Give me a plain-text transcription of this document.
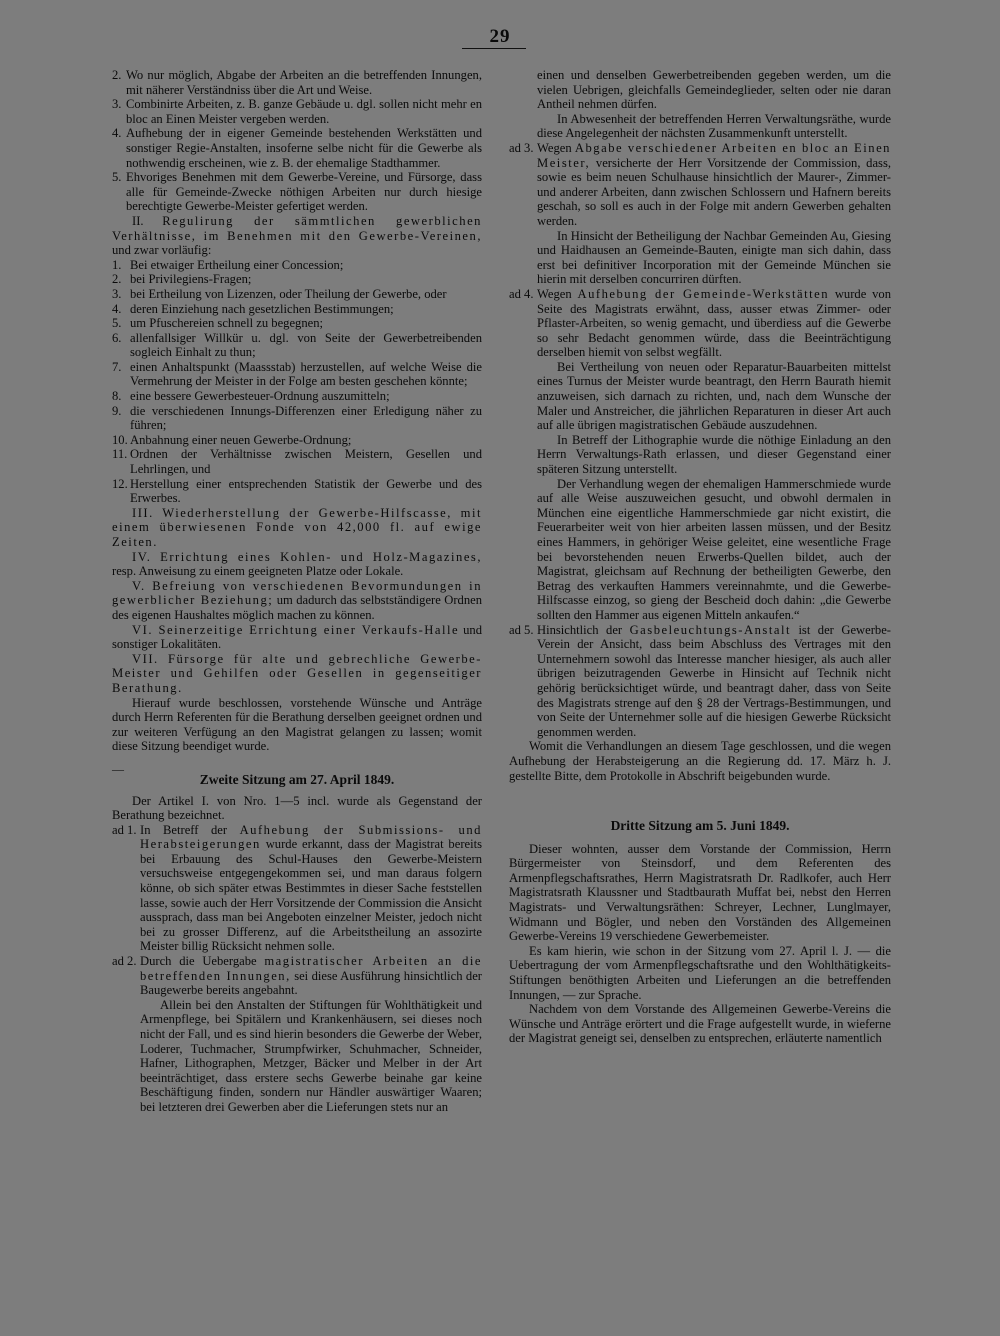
29
2. Wo nur möglich, Abgabe der Arbeiten an die betreffenden Innungen, mit näherer Verständniss über die Art und Weise.
3. Combinirte Arbeiten, z. B. ganze Gebäude u. dgl. sollen nicht mehr en bloc an Einen Meister vergeben werden.
4. Aufhebung der in eigener Gemeinde bestehenden Werkstätten und sonstiger Regie-Anstalten, insoferne selbe nicht für die Gewerbe als nothwendig erscheinen, wie z. B. der ehemalige Stadthammer.
5. Ehvoriges Benehmen mit dem Gewerbe-Vereine, und Fürsorge, dass alle für Gemeinde-Zwecke nöthigen Arbeiten nur durch hiesige berechtigte Gewerbe-Meister gefertiget werden.

II. Regulirung der sämmtlichen gewerblichen Verhältnisse, im Benehmen mit den Gewerbe-Vereinen, und zwar vorläufig:

1. Bei etwaiger Ertheilung einer Concession;
2. bei Privilegiens-Fragen;
3. bei Ertheilung von Lizenzen, oder Theilung der Gewerbe, oder
4. deren Einziehung nach gesetzlichen Bestimmungen;
5. um Pfuschereien schnell zu begegnen;
6. allenfallsiger Willkür u. dgl. von Seite der Gewerbetreibenden sogleich Einhalt zu thun;
7. einen Anhaltspunkt (Maassstab) herzustellen, auf welche Weise die Vermehrung der Meister in der Folge am besten geschehen könnte;
8. eine bessere Gewerbesteuer-Ordnung auszumitteln;
9. die verschiedenen Innungs-Differenzen einer Erledigung näher zu führen;
10. Anbahnung einer neuen Gewerbe-Ordnung;
11. Ordnen der Verhältnisse zwischen Meistern, Gesellen und Lehrlingen, und
12. Herstellung einer entsprechenden Statistik der Gewerbe und des Erwerbes.

III. Wiederherstellung der Gewerbe-Hilfscasse, mit einem überwiesenen Fonde von 42,000 fl. auf ewige Zeiten.

IV. Errichtung eines Kohlen- und Holz-Magazines, resp. Anweisung zu einem geeigneten Platze oder Lokale.

V. Befreiung von verschiedenen Bevormundungen in gewerblicher Beziehung; um dadurch das selbstständigere Ordnen des eigenen Haushaltes möglich machen zu können.

VI. Seinerzeitige Errichtung einer Verkaufs-Halle und sonstiger Lokalitäten.

VII. Fürsorge für alte und gebrechliche Gewerbe-Meister und Gehilfen oder Gesellen in gegenseitiger Berathung.

Hierauf wurde beschlossen, vorstehende Wünsche und Anträge durch Herrn Referenten für die Berathung derselben geeignet ordnen und zur weiteren Verfügung an den Magistrat gelangen zu lassen; womit diese Sitzung beendiget wurde.

—

Zweite Sitzung am 27. April 1849.

Der Artikel I. von Nro. 1—5 incl. wurde als Gegenstand der Berathung bezeichnet.

ad 1. In Betreff der Aufhebung der Submissions- und Herabsteigerungen wurde erkannt, dass der Magistrat bereits bei Erbauung des Schul-Hauses den Gewerbe-Meistern versuchsweise entgegengekommen sei, und man daraus folgern könne, ob sich später etwas Bestimmtes in dieser Sache feststellen lasse, sowie auch der Herr Vorsitzende der Commission die Ansicht aussprach, dass man bei Angeboten einzelner Meister, jedoch nicht bei zu grosser Differenz, auf die Arbeitstheilung an assozirte Meister billig Rücksicht nehmen solle.
ad 2. Durch die Uebergabe magistratischer Arbeiten an die betreffenden Innungen, sei diese Ausführung hinsichtlich der Baugewerbe bereits angebahnt.

Allein bei den Anstalten der Stiftungen für Wohlthätigkeit und Armenpflege, bei Spitälern und Krankenhäusern, sei dieses noch nicht der Fall, und es sind hierin besonders die Gewerbe der Weber, Loderer, Tuchmacher, Strumpfwirker, Schuhmacher, Schneider, Hafner, Lithographen, Metzger, Bäcker und Melber in der Art beeinträchtiget, dass erstere sechs Gewerbe beinahe gar keine Beschäftigung finden, sondern nur Händler auswärtiger Waaren; bei letzteren drei Gewerben aber die Lieferungen stets nur an

einen und denselben Gewerbetreibenden gegeben werden, um die vielen Uebrigen, gleichfalls Gemeindeglieder, selten oder nie daran Antheil nehmen dürfen.

In Abwesenheit der betreffenden Herren Verwaltungsräthe, wurde diese Angelegenheit der nächsten Zusammenkunft unterstellt.

ad 3. Wegen Abgabe verschiedener Arbeiten en bloc an Einen Meister, versicherte der Herr Vorsitzende der Commission, dass, sowie es beim neuen Schulhause hinsichtlich der Maurer-, Zimmer- und anderer Arbeiten, dann zwischen Schlossern und Hafnern bereits geschah, so soll es auch in der Folge mit andern Gewerben gehalten werden.

In Hinsicht der Betheiligung der Nachbar Gemeinden Au, Giesing und Haidhausen an Gemeinde-Bauten, einigte man sich dahin, dass erst bei definitiver Incorporation mit der Gemeinde München sie hierin mit derselben concurriren dürften.

ad 4. Wegen Aufhebung der Gemeinde-Werkstätten wurde von Seite des Magistrats erwähnt, dass, ausser etwas Zimmer- oder Pflaster-Arbeiten, so wenig gemacht, und überdiess auf die Gewerbe so sehr Bedacht genommen würde, dass die Beeinträchtigung derselben hiemit von selbst wegfällt.

Bei Vertheilung von neuen oder Reparatur-Bauarbeiten mittelst eines Turnus der Meister wurde beantragt, den Herrn Baurath hiemit anzuweisen, sich darnach zu richten, und, nach dem Wunsche der Maler und Anstreicher, die jährlichen Reparaturen in dieser Art auch auf alle übrigen magistratischen Gebäude auszudehnen.

In Betreff der Lithographie wurde die nöthige Einladung an den Herrn Verwaltungs-Rath erlassen, und dieser Gegenstand einer späteren Sitzung unterstellt.

Der Verhandlung wegen der ehemaligen Hammerschmiede wurde auf alle Weise auszuweichen gesucht, und obwohl dermalen in München eine eigentliche Hammerschmiede gar nicht existirt, die Feuerarbeiter weit von hier arbeiten lassen müssen, und der Besitz eines Hammers, in gehöriger Weise geleitet, eine wesentliche Frage bei bevorstehenden neuen Erwerbs-Quellen bildet, auch der Magistrat, gleichsam auf Rechnung der betheiligten Gewerbe, den Betrag des verkauften Hammers vereinnahmte, und die Gewerbe-Hilfscasse einzog, so gieng der Bescheid doch dahin: „die Gewerbe sollten den Hammer aus eigenen Mitteln ankaufen.“

ad 5. Hinsichtlich der Gasbeleuchtungs-Anstalt ist der Gewerbe-Verein der Ansicht, dass beim Abschluss des Vertrages mit den Unternehmern sowohl das Interesse mancher hiesiger, als auch aller übrigen beizutragenden Gewerbe in Hinsicht auf Technik nicht gehörig berücksichtiget würde, und beantragt daher, dass von Seite des Magistrats strenge auf den § 28 der Vertrags-Bestimmungen, und von Seite der Unternehmer solle auf die hiesigen Gewerbe Rücksicht genommen werden.

Womit die Verhandlungen an diesem Tage geschlossen, und die wegen Aufhebung der Herabsteigerung an die Regierung dd. 17. März h. J. gestellte Bitte, dem Protokolle in Abschrift beigebunden wurde.

Dritte Sitzung am 5. Juni 1849.

Dieser wohnten, ausser dem Vorstande der Commission, Herrn Bürgermeister von Steinsdorf, und dem Referenten des Armenpflegschaftsrathes, Herrn Magistratsrath Dr. Radlkofer, auch Herr Magistratsrath Klaussner und Stadtbaurath Muffat bei, nebst den Herren Magistrats- und Verwaltungsräthen: Schreyer, Lechner, Lunglmayer, Widmann und Bögler, und neben den Vorständen des Allgemeinen Gewerbe-Vereins 19 verschiedene Gewerbemeister.

Es kam hierin, wie schon in der Sitzung vom 27. April l. J. — die Uebertragung der vom Armenpflegschaftsrathe und den Wohlthätigkeits-Stiftungen benöthigten Arbeiten und Lieferungen an die betreffenden Innungen, — zur Sprache.

Nachdem von dem Vorstande des Allgemeinen Gewerbe-Vereins die Wünsche und Anträge erörtert und die Frage aufgestellt wurde, in wieferne der Magistrat geneigt sei, denselben zu entsprechen, erläuterte namentlich
